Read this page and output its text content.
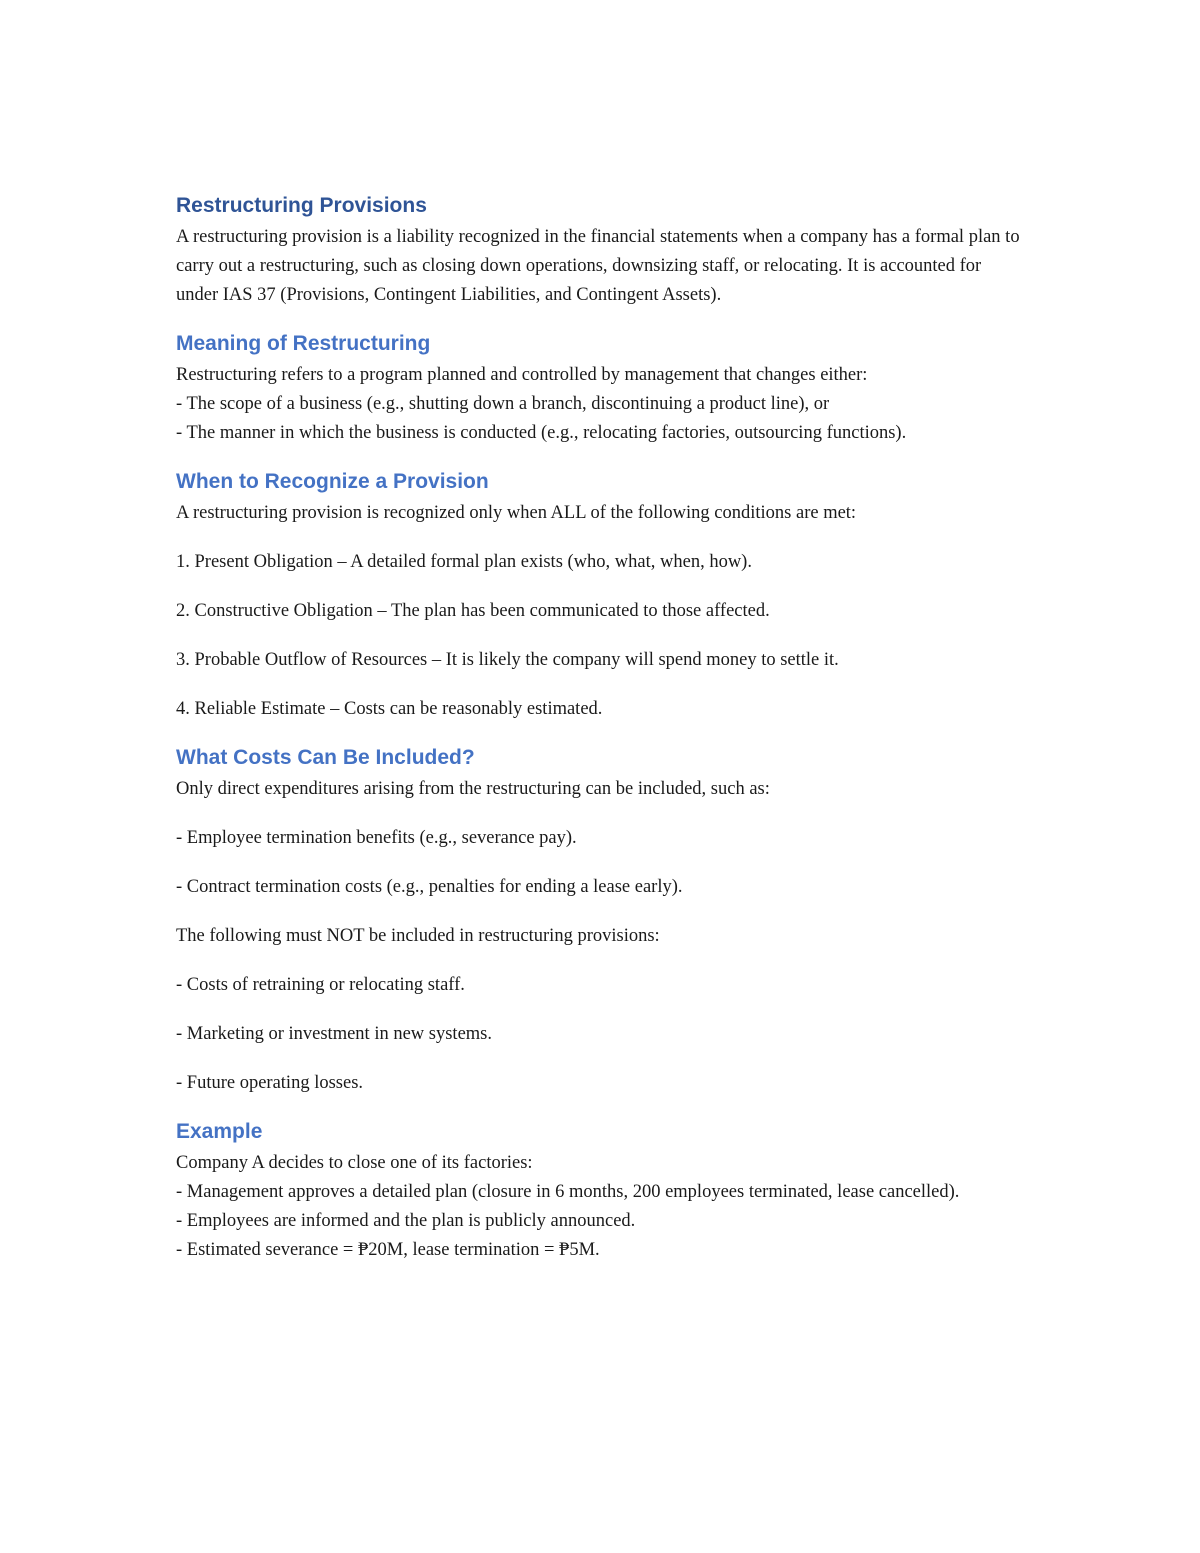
Restructuring Provisions

A restructuring provision is a liability recognized in the financial statements when a company has a formal plan to carry out a restructuring, such as closing down operations, downsizing staff, or relocating. It is accounted for under IAS 37 (Provisions, Contingent Liabilities, and Contingent Assets).

Meaning of Restructuring

Restructuring refers to a program planned and controlled by management that changes either:

- The scope of a business (e.g., shutting down a branch, discontinuing a product line), or

- The manner in which the business is conducted (e.g., relocating factories, outsourcing functions).

When to Recognize a Provision

A restructuring provision is recognized only when ALL of the following conditions are met:

1. Present Obligation – A detailed formal plan exists (who, what, when, how).

2. Constructive Obligation – The plan has been communicated to those affected.

3. Probable Outflow of Resources – It is likely the company will spend money to settle it.

4. Reliable Estimate – Costs can be reasonably estimated.

What Costs Can Be Included?

Only direct expenditures arising from the restructuring can be included, such as:

- Employee termination benefits (e.g., severance pay).

- Contract termination costs (e.g., penalties for ending a lease early).

The following must NOT be included in restructuring provisions:

- Costs of retraining or relocating staff.

- Marketing or investment in new systems.

- Future operating losses.

Example

Company A decides to close one of its factories:

- Management approves a detailed plan (closure in 6 months, 200 employees terminated, lease cancelled).

- Employees are informed and the plan is publicly announced.

- Estimated severance = ₱20M, lease termination = ₱5M.
